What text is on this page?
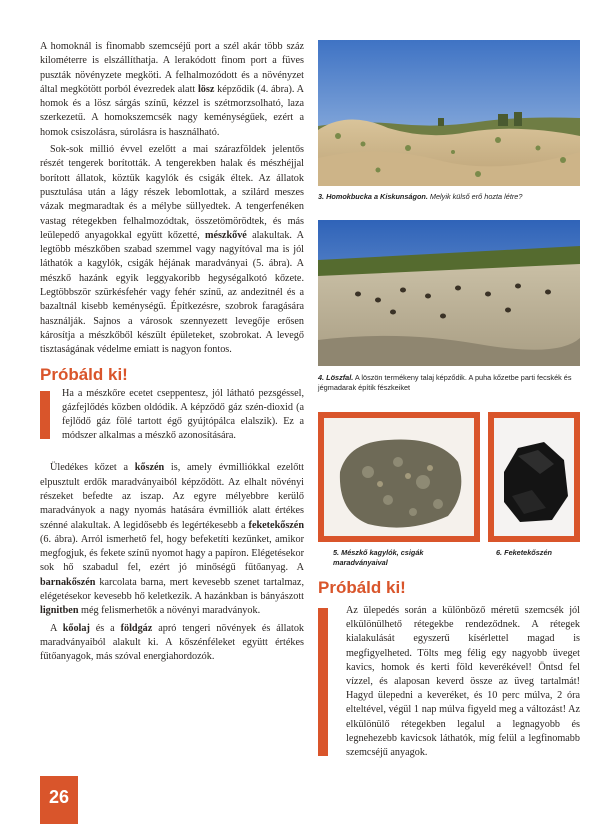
A homoknál is finomabb szemcséjű port a szél akár több száz kilométerre is elszállíthatja. A lerakódott finom port a füves puszták növényzete megköti. A felhalmozódott és a növényzet által megkötött porból évezredek alatt lösz képződik (4. ábra). A homok és a lösz sárgás színű, kézzel is szétmorzsolható, laza szerkezetű. A homokszemcsék nagy keménységűek, ezért a homok csiszolásra, súrolásra is használható.

Sok-sok millió évvel ezelőtt a mai szárazföldek jelentős részét tengerek borították. A tengerekben halak és mészhéjjal borított állatok, köztük kagylók és csigák éltek. Az állatok pusztulása után a lágy részek lebomlottak, a szilárd meszes vázak megmaradtak és a mélybe süllyedtek. A tengerfenéken vastag rétegekben felhalmozódtak, összetömörödtek, és más leülepedő anyagokkal együtt kőzetté, mészkővé alakultak. A legtöbb mészkőben szabad szemmel vagy nagyítóval ma is jól láthatók a kagylók, csigák héjának maradványai (5. ábra). A mészkő hazánk egyik leggyakoribb hegységalkotó kőzete. Legtöbbször szürkésfehér vagy fehér színű, az andezitnél és a bazaltnál kisebb keménységű. Építkezésre, szobrok faragására használják. Sajnos a városok szennyezett levegője erősen károsítja a mészkőből készült épületeket, szobrokat. A levegő tisztaságának védelme emiatt is nagyon fontos.

Próbáld ki!

Ha a mészkőre ecetet cseppentesz, jól látható pezsgéssel, gázfejlődés közben oldódik. A képződő gáz szén-dioxid (a fejlődő gáz fölé tartott égő gyújtópálca elalszik). Ez a módszer alkalmas a mészkő azonosítására.

Üledékes kőzet a kőszén is, amely évmilliókkal ezelőtt elpusztult erdők maradványaiból képződött. Az elhalt növényi részeket befedte az iszap. Az egyre mélyebbre kerülő maradványok a nagy nyomás hatására évmilliók alatt értékes szénné alakultak. A legidősebb és legértékesebb a feketekőszén (6. ábra). Arról ismerhető fel, hogy befeketíti kezünket, amikor megfogjuk, és fekete színű nyomot hagy a papíron. Elégetésekor sok hő szabadul fel, ezért jó minőségű fűtőanyag. A barnakőszén karcolata barna, mert kevesebb szenet tartalmaz, elégetésekor kevesebb hő keletkezik. A hazánkban is bányászott lignitben még felismerhetők a növényi maradványok.

A kőolaj és a földgáz apró tengeri növények és állatok maradványaiból alakult ki. A kőszénféleket együtt értékes fűtőanyagok, más szóval energiahordozók.

3. Homokbucka a Kiskunságon. Melyik külső erő hozta létre?
4. Löszfal. A löszön termékeny talaj képződik. A puha kőzetbe parti fecskék és jégmadarak építik fészkeiket
5. Mészkő kagylók, csigák maradványaival
6. Feketekőszén
Próbáld ki!

Az ülepedés során a különböző méretű szemcsék jól elkülönülhető rétegekbe rendeződnek. A rétegek kialakulását egyszerű kísérlettel magad is megfigyelheted. Tölts meg félig egy nagyobb üveget kavics, homok és kerti föld keverékével! Öntsd fel vízzel, és alaposan keverd össze az üveg tartalmát! Hagyd ülepedni a keveréket, és 10 perc múlva, 2 óra elteltével, végül 1 nap múlva figyeld meg a változást! Az elkülönülő rétegekben legalul a legnagyobb és legnehezebb kavicsok láthatók, míg felül a legfinomabb szemcséjű anyagok.

26
